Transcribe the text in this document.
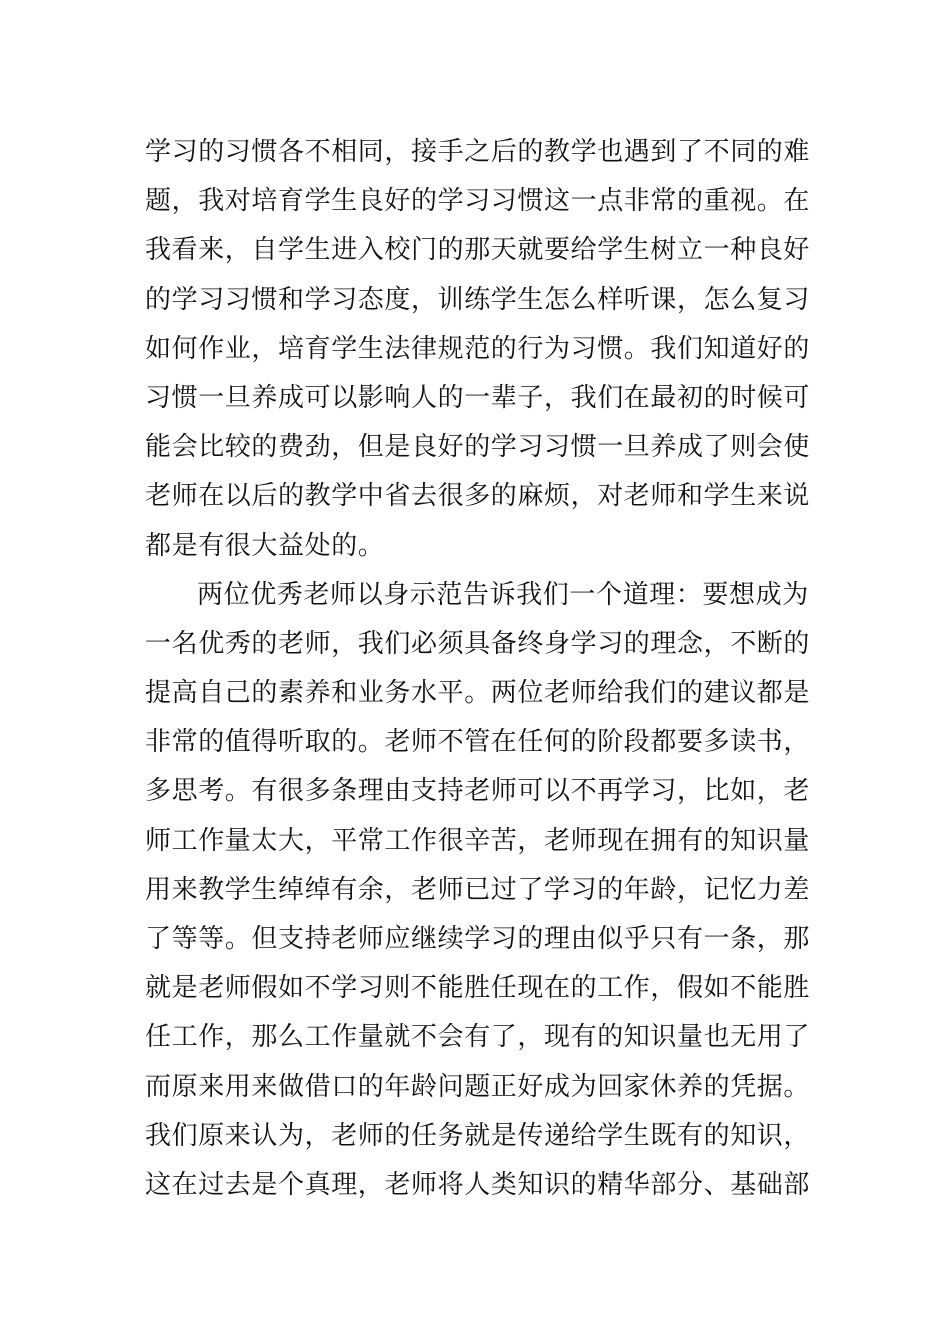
学习的习惯各不相同，接手之后的教学也遇到了不同的难
题，我对培育学生良好的学习习惯这一点非常的重视。在
我看来，自学生进入校门的那天就要给学生树立一种良好
的学习习惯和学习态度，训练学生怎么样听课，怎么复习
如何作业，培育学生法律规范的行为习惯。我们知道好的
习惯一旦养成可以影响人的一辈子，我们在最初的时候可
能会比较的费劲，但是良好的学习习惯一旦养成了则会使
老师在以后的教学中省去很多的麻烦，对老师和学生来说
都是有很大益处的。
两位优秀老师以身示范告诉我们一个道理：要想成为
一名优秀的老师，我们必须具备终身学习的理念，不断的
提高自己的素养和业务水平。两位老师给我们的建议都是
非常的值得听取的。老师不管在任何的阶段都要多读书，
多思考。有很多条理由支持老师可以不再学习，比如，老
师工作量太大，平常工作很辛苦，老师现在拥有的知识量
用来教学生绰绰有余，老师已过了学习的年龄，记忆力差
了等等。但支持老师应继续学习的理由似乎只有一条，那
就是老师假如不学习则不能胜任现在的工作，假如不能胜
任工作，那么工作量就不会有了，现有的知识量也无用了
而原来用来做借口的年龄问题正好成为回家休养的凭据。
我们原来认为，老师的任务就是传递给学生既有的知识，
这在过去是个真理，老师将人类知识的精华部分、基础部
